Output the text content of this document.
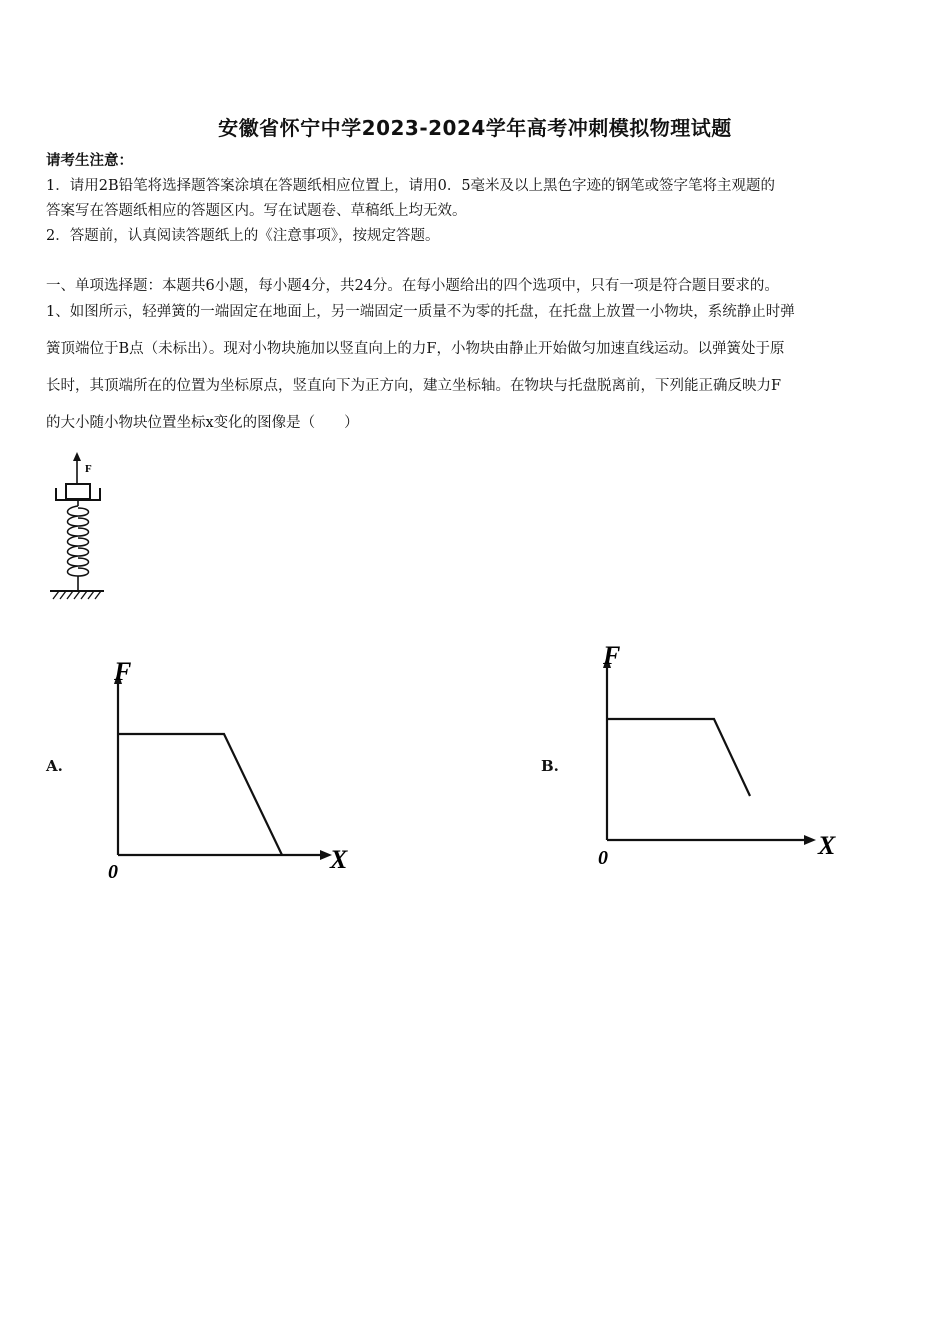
安徽省怀宁中学2023-2024学年高考冲刺模拟物理试题
请考生注意：
1．请用2B铅笔将选择题答案涂填在答题纸相应位置上，请用0．5毫米及以上黑色字迹的钢笔或签字笔将主观题的
答案写在答题纸相应的答题区内。写在试题卷、草稿纸上均无效。
2．答题前，认真阅读答题纸上的《注意事项》，按规定答题。
一、单项选择题：本题共6小题，每小题4分，共24分。在每小题给出的四个选项中，只有一项是符合题目要求的。
1、如图所示，轻弹簧的一端固定在地面上，另一端固定一质量不为零的托盘，在托盘上放置一小物块，系统静止时弹
簧顶端位于B点（未标出）。现对小物块施加以竖直向上的力F，小物块由静止开始做匀加速直线运动。以弹簧处于原
长时，其顶端所在的位置为坐标原点，竖直向下为正方向，建立坐标轴。在物块与托盘脱离前，下列能正确反映力F
的大小随小物块位置坐标x变化的图像是（　　）
F
A.
F
X
0
B.
F
X
0
